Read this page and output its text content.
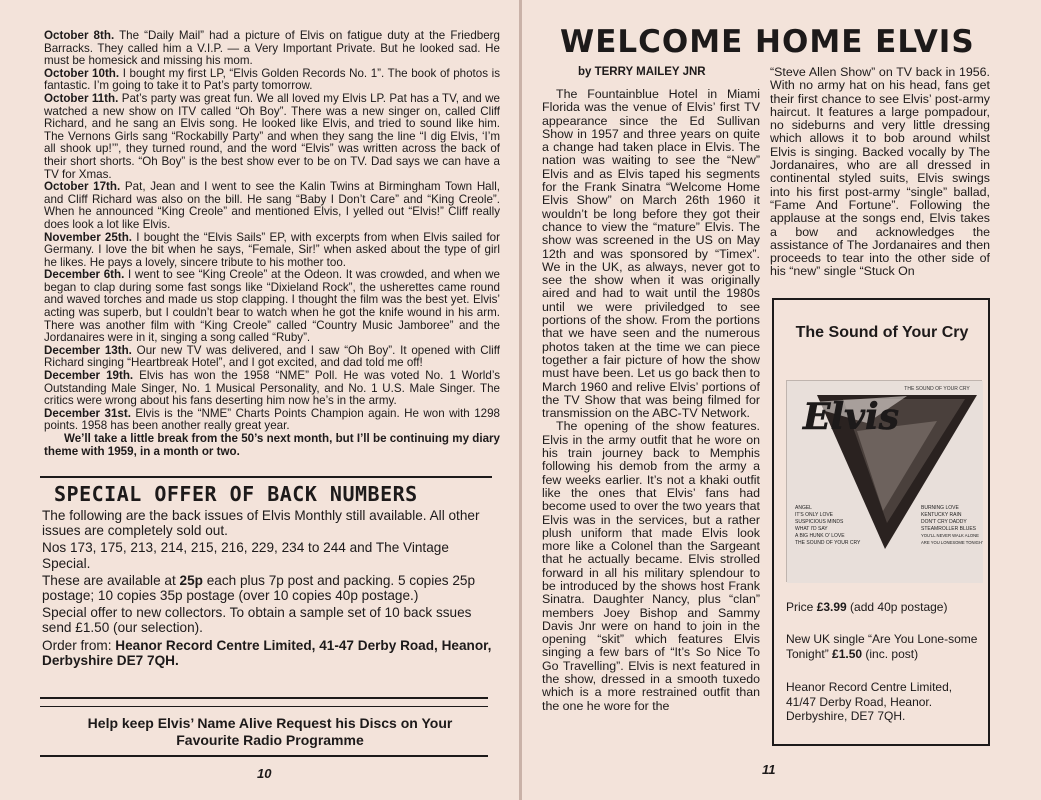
October 8th. The “Daily Mail” had a picture of Elvis on fatigue duty at the Friedberg Barracks. They called him a V.I.P. — a Very Important Private. But he looked sad. He must be homesick and missing his mom.

October 10th. I bought my first LP, “Elvis Golden Records No. 1”. The book of photos is fantastic. I’m going to take it to Pat’s party tomorrow.

October 11th. Pat’s party was great fun. We all loved my Elvis LP. Pat has a TV, and we watched a new show on ITV called “Oh Boy”. There was a new singer on, called Cliff Richard, and he sang an Elvis song. He looked like Elvis, and tried to sound like him. The Vernons Girls sang “Rockabilly Party” and when they sang the line “I dig Elvis, ‘I’m all shook up!’”, they turned round, and the word “Elvis” was written across the back of their short shorts. “Oh Boy” is the best show ever to be on TV. Dad says we can have a TV for Xmas.

October 17th. Pat, Jean and I went to see the Kalin Twins at Birmingham Town Hall, and Cliff Richard was also on the bill. He sang “Baby I Don’t Care” and “King Creole”. When he announced “King Creole” and mentioned Elvis, I yelled out “Elvis!” Cliff really does look a lot like Elvis.

November 25th. I bought the “Elvis Sails” EP, with excerpts from when Elvis sailed for Germany. I love the bit when he says, “Female, Sir!” when asked about the type of girl he likes. He pays a lovely, sincere tribute to his mother too.

December 6th. I went to see “King Creole” at the Odeon. It was crowded, and when we began to clap during some fast songs like “Dixieland Rock”, the usherettes came round and waved torches and made us stop clapping. I thought the film was the best yet. Elvis’ acting was superb, but I couldn’t bear to watch when he got the knife wound in his arm. There was another film with “King Creole” called “Country Music Jamboree” and the Jordanaires were in it, singing a song called “Ruby”.

December 13th. Our new TV was delivered, and I saw “Oh Boy”. It opened with Cliff Richard singing “Heartbreak Hotel”, and I got excited, and dad told me off!

December 19th. Elvis has won the 1958 “NME” Poll. He was voted No. 1 World’s Outstanding Male Singer, No. 1 Musical Personality, and No. 1 U.S. Male Singer. The critics were wrong about his fans deserting him now he’s in the army.

December 31st. Elvis is the “NME” Charts Points Champion again. He won with 1298 points. 1958 has been another really great year.

We’ll take a little break from the 50’s next month, but I’ll be continuing my diary theme with 1959, in a month or two.

SPECIAL OFFER OF BACK NUMBERS

The following are the back issues of Elvis Monthly still available. All other issues are completely sold out.

Nos 173, 175, 213, 214, 215, 216, 229, 234 to 244 and The Vintage Special.

These are available at 25p each plus 7p post and packing. 5 copies 25p postage; 10 copies 35p postage (over 10 copies 40p postage.)

Special offer to new collectors. To obtain a sample set of 10 back ssues send £1.50 (our selection).

Order from: Heanor Record Centre Limited, 41-47 Derby Road, Heanor, Derbyshire DE7 7QH.

Help keep Elvis’ Name Alive Request his Discs on Your Favourite Radio Programme
10
WELCOME HOME ELVIS
by TERRY MAILEY JNR

The Fountainblue Hotel in Miami Florida was the venue of Elvis’ first TV appearance since the Ed Sullivan Show in 1957 and three years on quite a change had taken place in Elvis. The nation was waiting to see the “New” Elvis and as Elvis taped his segments for the Frank Sinatra “Welcome Home Elvis Show” on March 26th 1960 it wouldn’t be long before they got their chance to view the “mature” Elvis. The show was screened in the US on May 12th and was sponsored by “Timex”. We in the UK, as always, never got to see the show when it was originally aired and had to wait until the 1980s until we were priviledged to see portions of the show. From the portions that we have seen and the numerous photos taken at the time we can piece together a fair picture of how the show must have been. Let us go back then to March 1960 and relive Elvis’ portions of the TV Show that was being filmed for transmission on the ABC-TV Network.

The opening of the show features. Elvis in the army outfit that he wore on his train journey back to Memphis following his demob from the army a few weeks earlier. It’s not a khaki outfit like the ones that Elvis’ fans had become used to over the two years that Elvis was in the services, but a rather plush uniform that made Elvis look more like a Colonel than the Sargeant that he actually became. Elvis strolled forward in all his military splendour to be introduced by the shows host Frank Sinatra. Daughter Nancy, plus “clan” members Joey Bishop and Sammy Davis Jnr were on hand to join in the opening “skit” which features Elvis singing a few bars of “It’s So Nice To Go Travelling”. Elvis is next featured in the show, dressed in a smooth tuxedo which is a more restrained outfit than the one he wore for the

“Steve Allen Show” on TV back in 1956. With no army hat on his head, fans get their first chance to see Elvis’ post-army haircut. It features a large pompadour, no sideburns and very little dressing which allows it to bob around whilst Elvis is singing. Backed vocally by The Jordanaires, who are all dressed in continental styled suits, Elvis swings into his first post-army “single” ballad, “Fame And Fortune”. Following the applause at the songs end, Elvis takes a bow and acknowledges the assistance of The Jordanaires and then proceeds to tear into the other side of his “new” single “Stuck On
The Sound of Your Cry
THE SOUND OF YOUR CRY
Elvis
ANGEL
IT'S ONLY LOVE
SUSPICIOUS MINDS
WHAT I'D SAY
A BIG HUNK O' LOVE
THE SOUND OF YOUR CRY
BURNING LOVE
KENTUCKY RAIN
DON'T CRY DADDY
STEAMROLLER BLUES
YOU'LL NEVER WALK ALONE
ARE YOU LONESOME TONIGHT?
Price £3.99 (add 40p postage)
New UK single “Are You Lone-some Tonight” £1.50 (inc. post)
Heanor Record Centre Limited, 41/47 Derby Road, Heanor. Derbyshire, DE7 7QH.
11
